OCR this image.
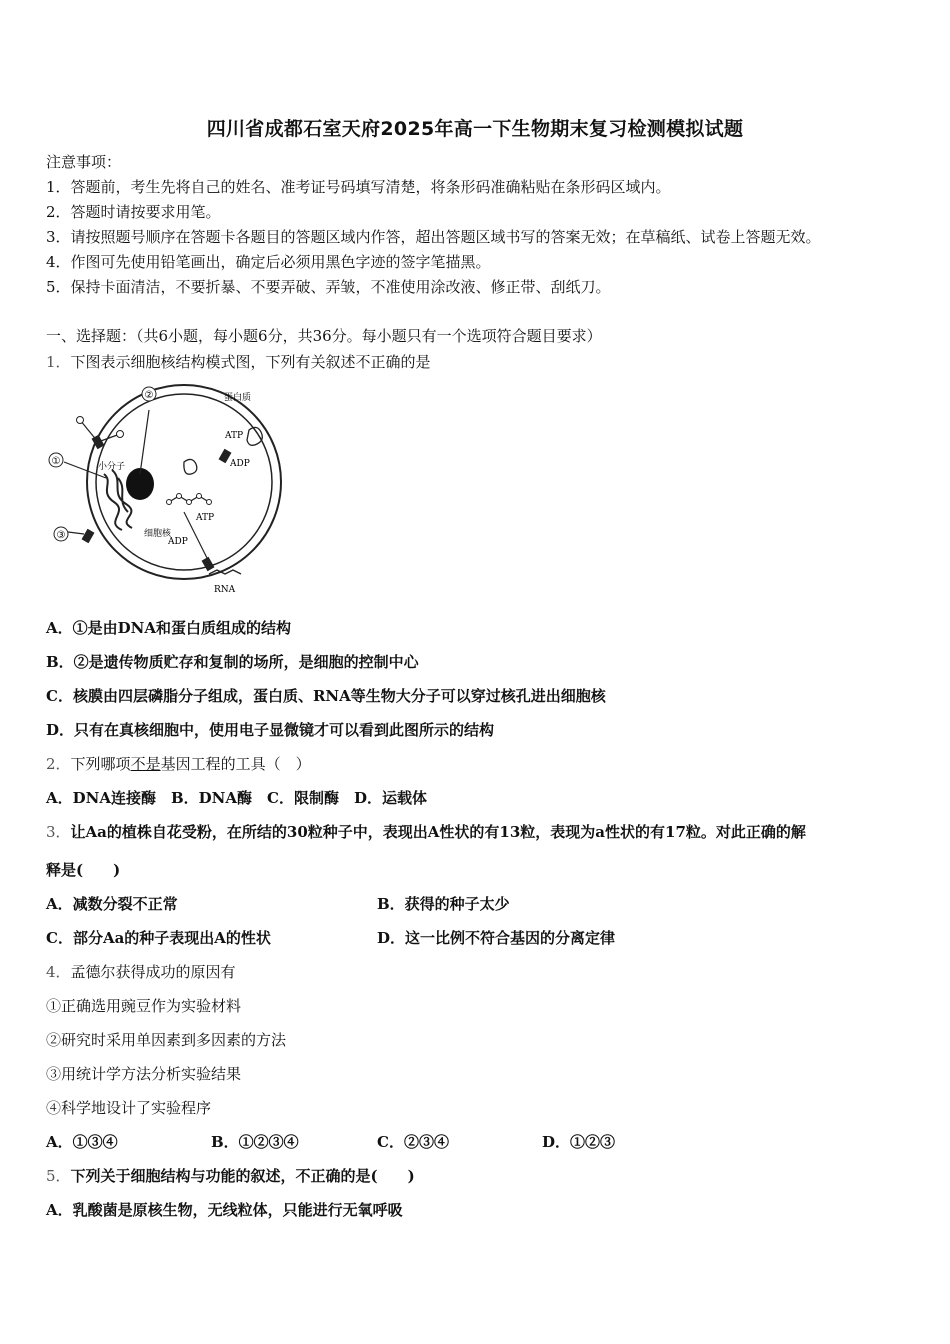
四川省成都石室天府2025年高一下生物期末复习检测模拟试题
注意事项：
1．答题前，考生先将自己的姓名、准考证号码填写清楚，将条形码准确粘贴在条形码区域内。
2．答题时请按要求用笔。
3．请按照题号顺序在答题卡各题目的答题区域内作答，超出答题区域书写的答案无效；在草稿纸、试卷上答题无效。
4．作图可先使用铅笔画出，确定后必须用黑色字迹的签字笔描黑。
5．保持卡面清洁，不要折暴、不要弄破、弄皱，不准使用涂改液、修正带、刮纸刀。
一、选择题：（共6小题，每小题6分，共36分。每小题只有一个选项符合题目要求）
1．下图表示细胞核结构模式图，下列有关叙述不正确的是
②
①
③
蛋白质
ATP
ADP
小分子
细胞核
ATP
ADP
RNA
A．①是由DNA和蛋白质组成的结构
B．②是遗传物质贮存和复制的场所，是细胞的控制中心
C．核膜由四层磷脂分子组成，蛋白质、RNA等生物大分子可以穿过核孔进出细胞核
D．只有在真核细胞中，使用电子显微镜才可以看到此图所示的结构
2．下列哪项不是基因工程的工具（　）
A．DNA连接酶　B．DNA酶　C．限制酶　D．运载体
3．让Aa的植株自花受粉，在所结的30粒种子中，表现出A性状的有13粒，表现为a性状的有17粒。对此正确的解
释是(　　)
A．减数分裂不正常	B．获得的种子太少
C．部分Aa的种子表现出A的性状	D．这一比例不符合基因的分离定律
4．孟德尔获得成功的原因有
①正确选用豌豆作为实验材料
②研究时采用单因素到多因素的方法
③用统计学方法分析实验结果
④科学地设计了实验程序
A．①③④	B．①②③④	C．②③④	D．①②③
5．下列关于细胞结构与功能的叙述，不正确的是(　　)
A．乳酸菌是原核生物，无线粒体，只能进行无氧呼吸
